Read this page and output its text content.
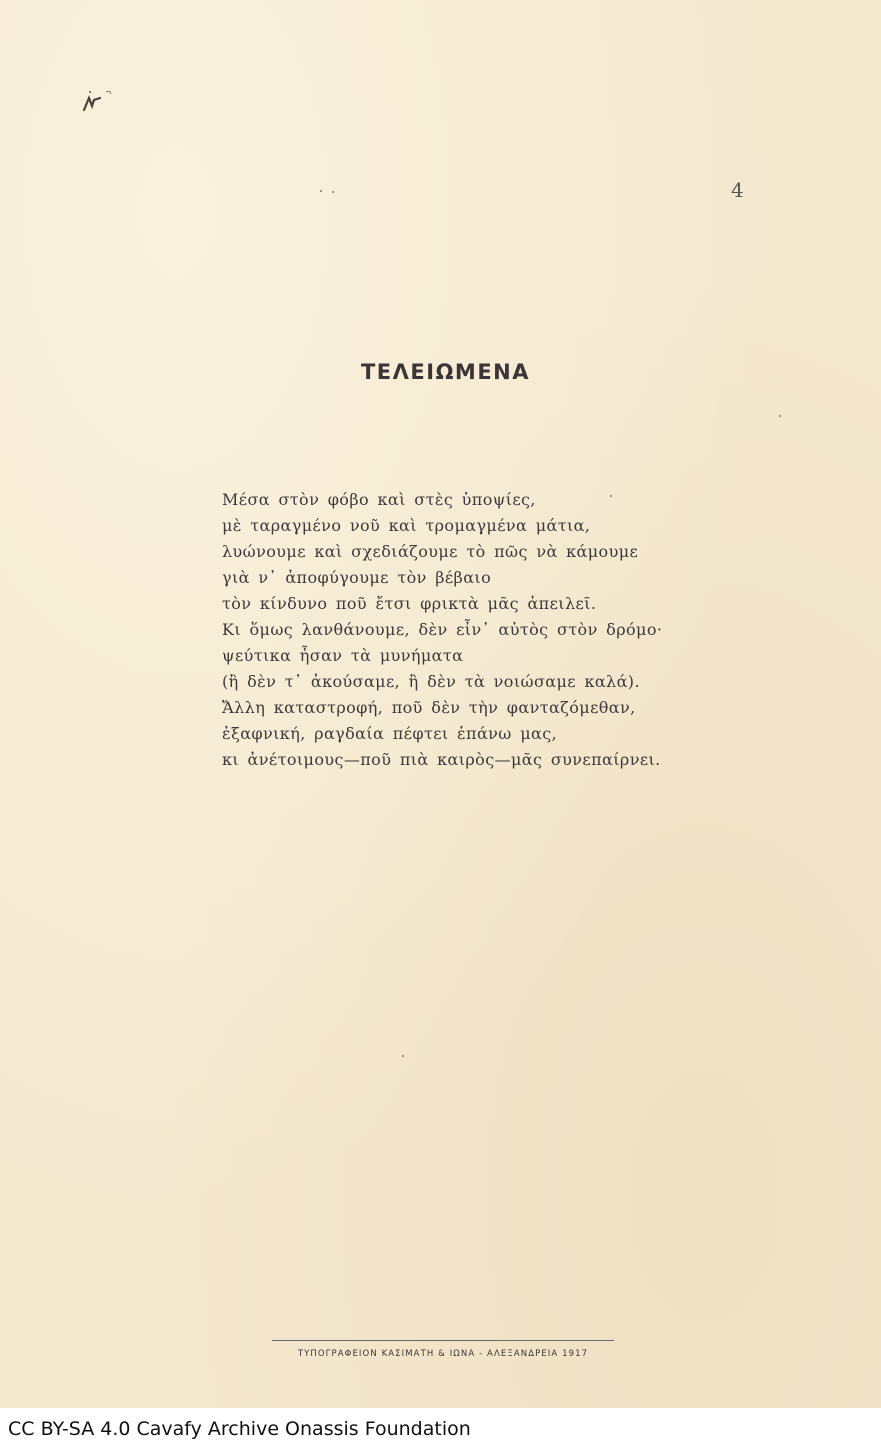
4
ΤΕΛΕΙΩΜΕΝΑ
Μέσα στὸν φόβο καὶ στὲς ὑποψίες,
μὲ ταραγμένο νοῦ καὶ τρομαγμένα μάτια,
λυώνουμε καὶ σχεδιάζουμε τὸ πῶς νὰ κάμουμε
γιὰ ν᾽ ἀποφύγουμε τὸν βέβαιο
τὸν κίνδυνο ποῦ ἔτσι φρικτὰ μᾶς ἀπειλεῖ.
Κι ὅμως λανθάνουμε, δὲν εἶν᾽ αὐτὸς στὸν δρόμο·
ψεύτικα ἦσαν τὰ μυνήματα
(ἢ δὲν τ᾽ ἀκούσαμε, ἢ δὲν τὰ νοιώσαμε καλά).
Ἄλλη καταστροφή, ποῦ δὲν τὴν φανταζόμεθαν,
ἐξαφνική, ραγδαία πέφτει ἐπάνω μας,
κι ἀνέτοιμους—ποῦ πιὰ καιρὸς—μᾶς συνεπαίρνει.
ΤΥΠΟΓΡΑΦΕΙΟΝ ΚΑΣΙΜΑΤΗ & ΙΩΝΑ - ΑΛΕΞΑΝΔΡΕΙΑ 1917
CC BY-SA 4.0 Cavafy Archive Onassis Foundation
